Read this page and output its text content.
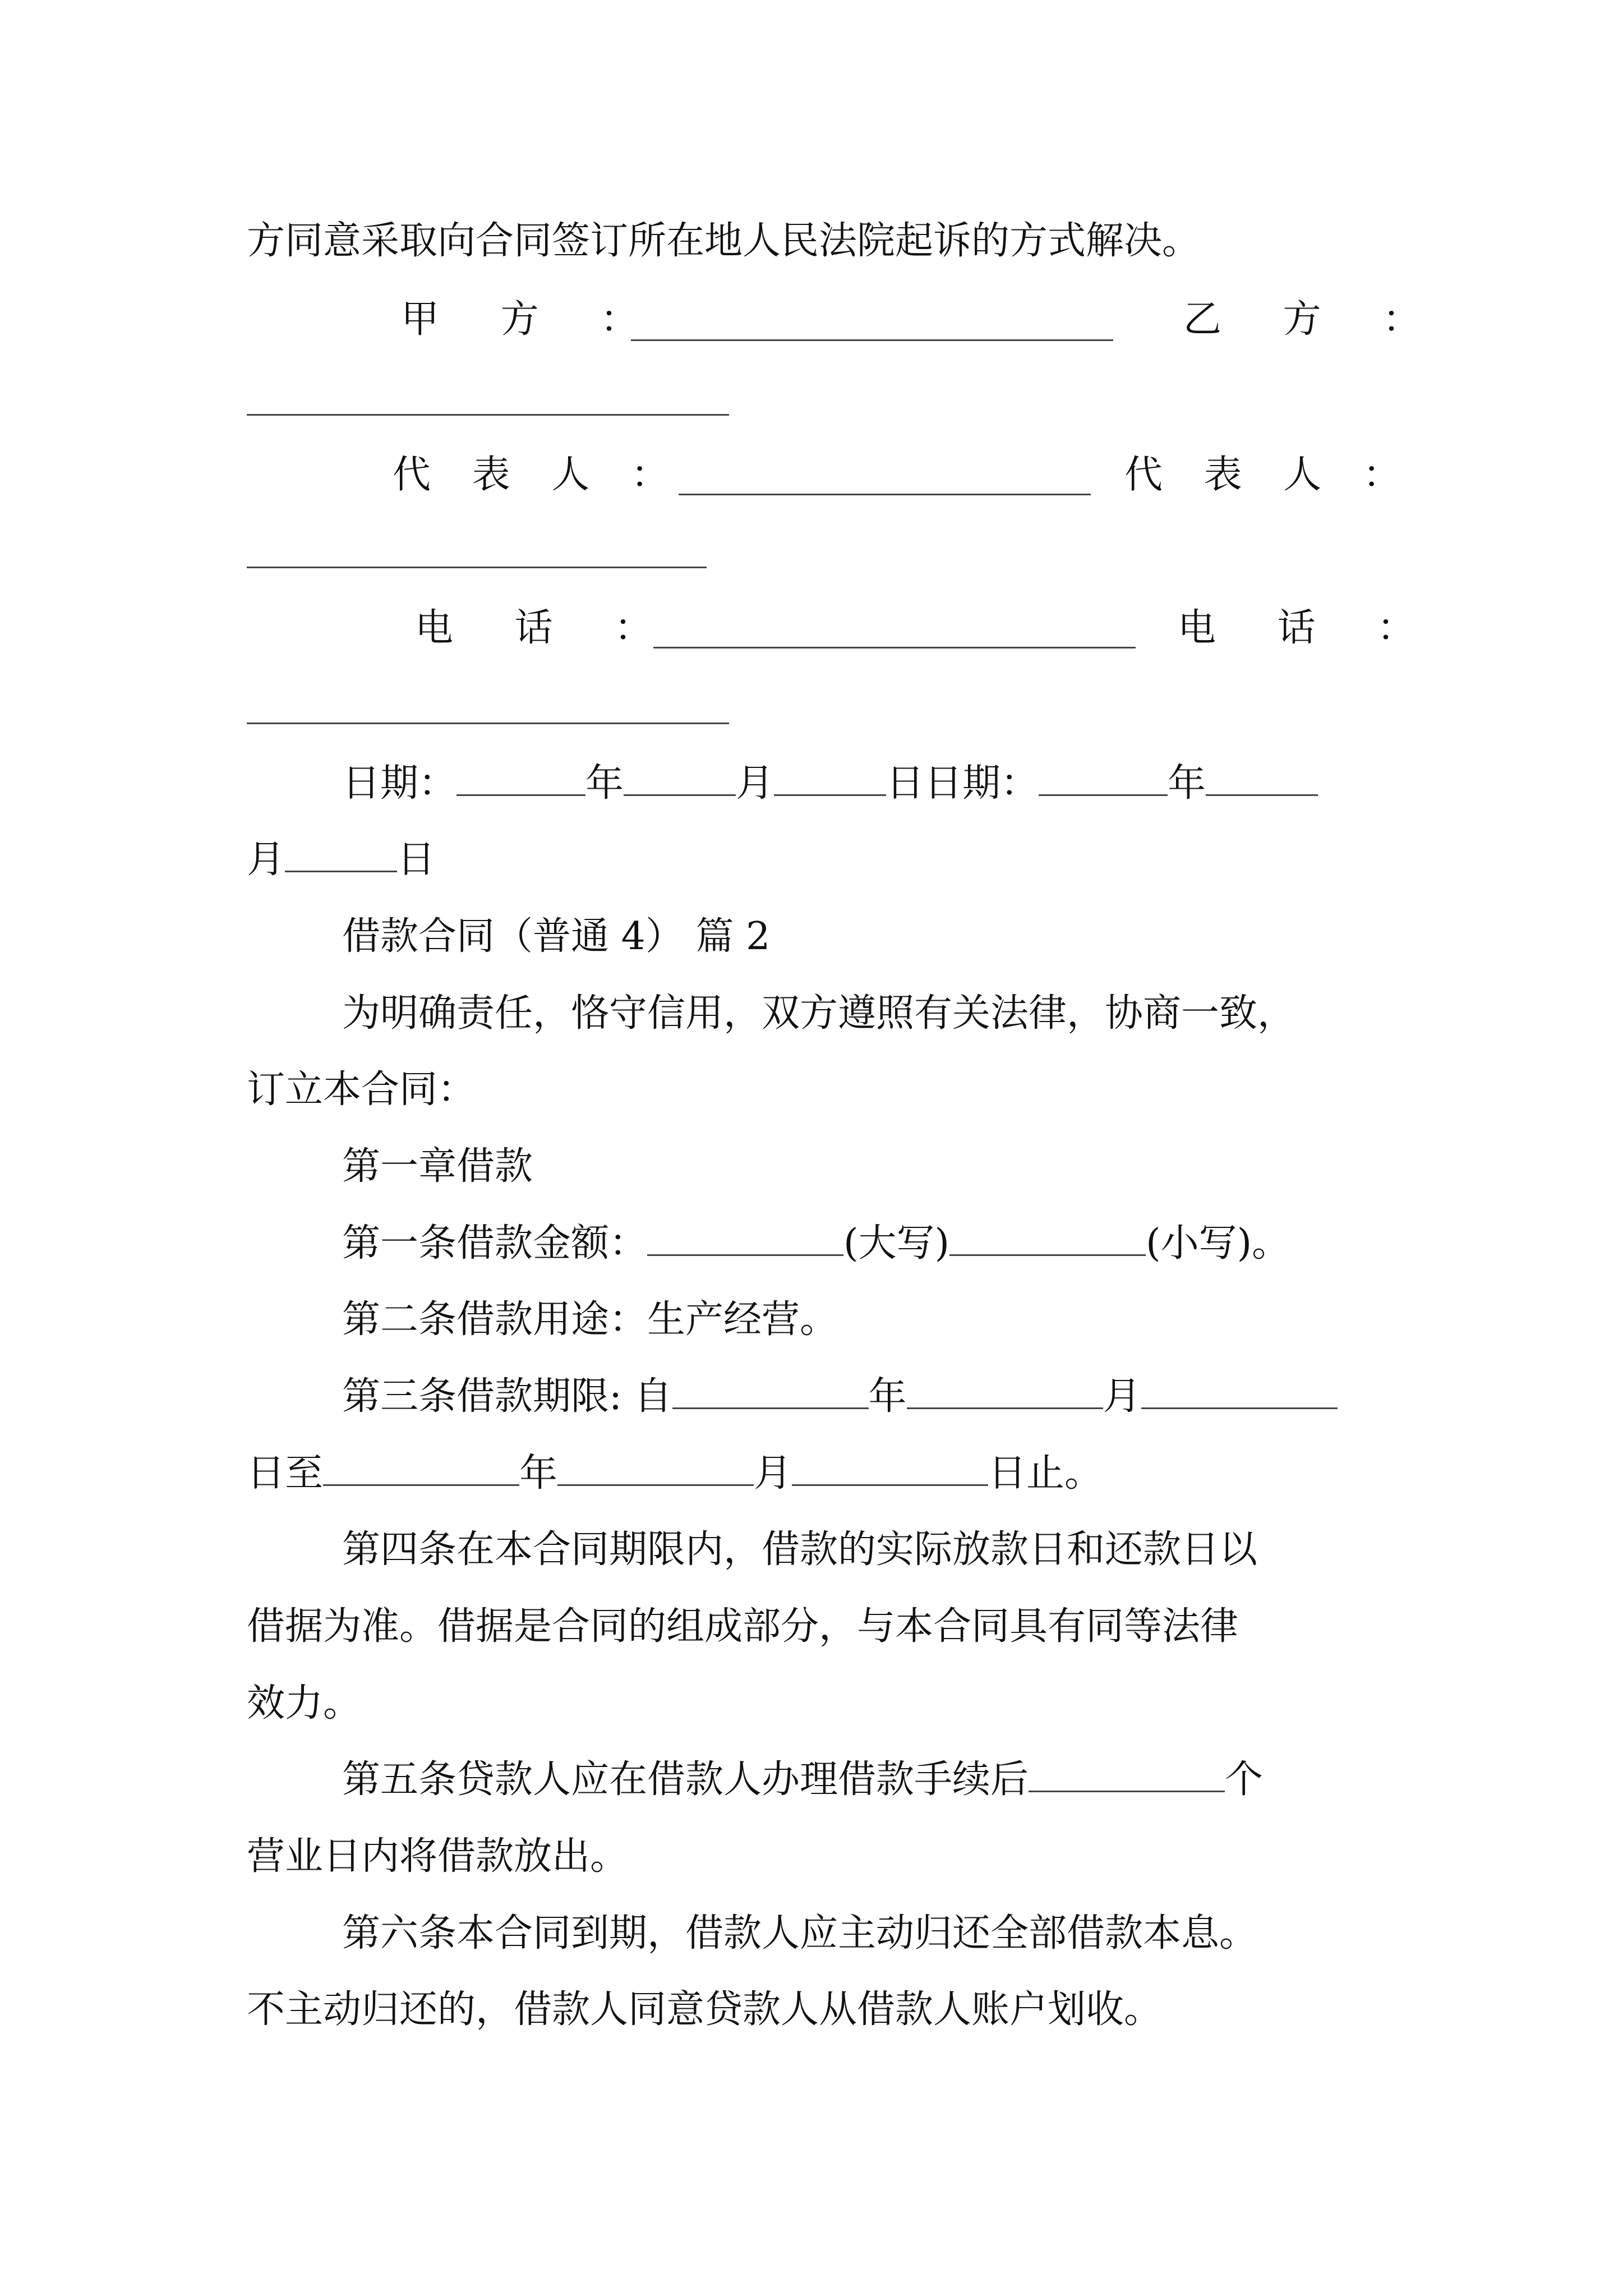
方同意采取向合同签订所在地人民法院起诉的方式解决。
甲 方 ：	乙 方 ：
代 表 人 ：	代 表 人 ：
电 话 ：	电 话 ：
日期：	年	月	日日期：	年
月	日
借款合同（普通 4） 篇 2
为明确责任，恪守信用，双方遵照有关法律，协商一致，
订立本合同：
第一章借款
第一条借款金额：	(大写)	(小写)。
第二条借款用途：生产经营。
第三条借款期限: 自	年	月
日至	年	月	日止。
第四条在本合同期限内，借款的实际放款日和还款日以
借据为准。借据是合同的组成部分，与本合同具有同等法律
效力。
第五条贷款人应在借款人办理借款手续后	个
营业日内将借款放出。
第六条本合同到期，借款人应主动归还全部借款本息。
不主动归还的，借款人同意贷款人从借款人账户划收。
